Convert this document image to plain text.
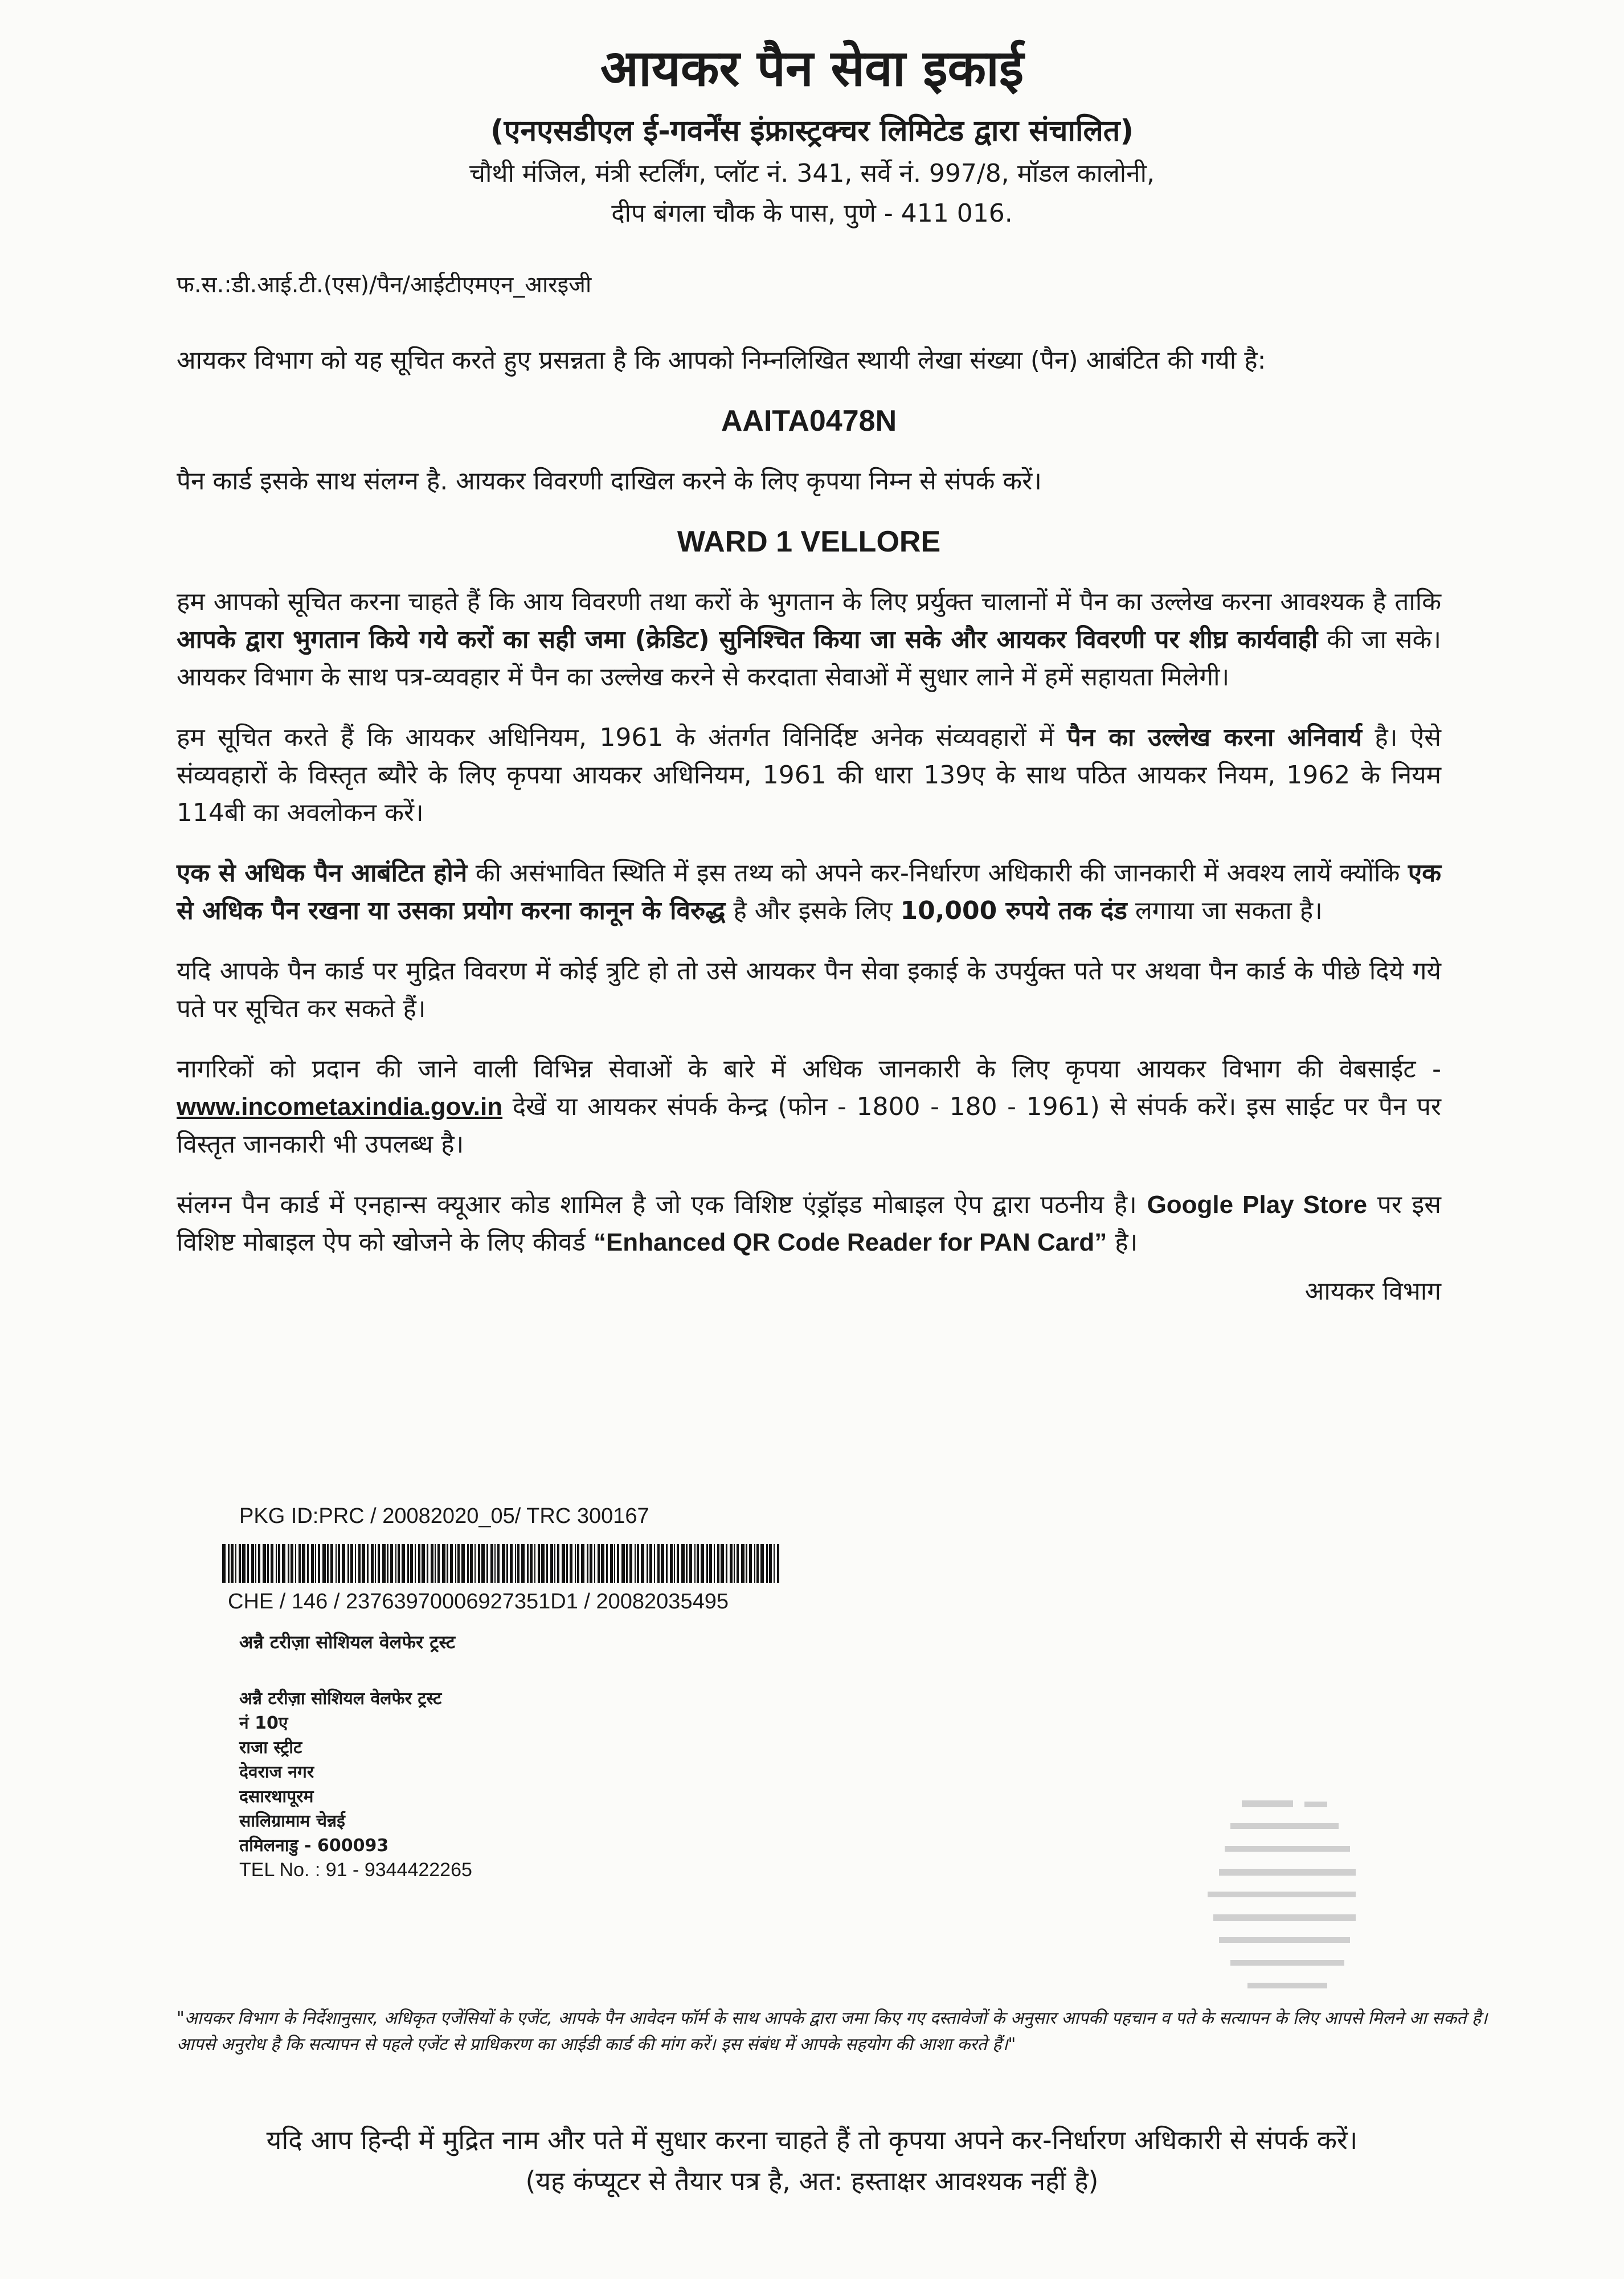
आयकर पैन सेवा इकाई
(एनएसडीएल ई-गवर्नेंस इंफ्रास्ट्रक्चर लिमिटेड द्वारा संचालित)
चौथी मंजिल, मंत्री स्टर्लिंग, प्लॉट नं. 341, सर्वे नं. 997/8, मॉडल कालोनी,
दीप बंगला चौक के पास, पुणे - 411 016.
फ.स.:डी.आई.टी.(एस)/पैन/आईटीएमएन_आरइजी

आयकर विभाग को यह सूचित करते हुए प्रसन्नता है कि आपको निम्नलिखित स्थायी लेखा संख्या (पैन) आबंटित की गयी है:

AAITA0478N

पैन कार्ड इसके साथ संलग्न है. आयकर विवरणी दाखिल करने के लिए कृपया निम्न से संपर्क करें।

WARD 1 VELLORE

हम आपको सूचित करना चाहते हैं कि आय विवरणी तथा करों के भुगतान के लिए प्रर्युक्त चालानों में पैन का उल्लेख करना आवश्यक है ताकि आपके द्वारा भुगतान किये गये करों का सही जमा (क्रेडिट) सुनिश्चित किया जा सके और आयकर विवरणी पर शीघ्र कार्यवाही की जा सके। आयकर विभाग के साथ पत्र-व्यवहार में पैन का उल्लेख करने से करदाता सेवाओं में सुधार लाने में हमें सहायता मिलेगी।

हम सूचित करते हैं कि आयकर अधिनियम, 1961 के अंतर्गत विनिर्दिष्ट अनेक संव्यवहारों में पैन का उल्लेख करना अनिवार्य है। ऐसे संव्यवहारों के विस्तृत ब्यौरे के लिए कृपया आयकर अधिनियम, 1961 की धारा 139ए के साथ पठित आयकर नियम, 1962 के नियम 114बी का अवलोकन करें।

एक से अधिक पैन आबंटित होने की असंभावित स्थिति में इस तथ्य को अपने कर-निर्धारण अधिकारी की जानकारी में अवश्य लायें क्योंकि एक से अधिक पैन रखना या उसका प्रयोग करना कानून के विरुद्ध है और इसके लिए 10,000 रुपये तक दंड लगाया जा सकता है।

यदि आपके पैन कार्ड पर मुद्रित विवरण में कोई त्रुटि हो तो उसे आयकर पैन सेवा इकाई के उपर्युक्त पते पर अथवा पैन कार्ड के पीछे दिये गये पते पर सूचित कर सकते हैं।

नागरिकों को प्रदान की जाने वाली विभिन्न सेवाओं के बारे में अधिक जानकारी के लिए कृपया आयकर विभाग की वेबसाईट - www.incometaxindia.gov.in देखें या आयकर संपर्क केन्द्र (फोन - 1800 - 180 - 1961) से संपर्क करें। इस साईट पर पैन पर विस्तृत जानकारी भी उपलब्ध है।

संलग्न पैन कार्ड में एनहान्स क्यूआर कोड शामिल है जो एक विशिष्ट एंड्रॉइड मोबाइल ऐप द्वारा पठनीय है। Google Play Store पर इस विशिष्ट मोबाइल ऐप को खोजने के लिए कीवर्ड “Enhanced QR Code Reader for PAN Card” है।

आयकर विभाग

PKG ID:PRC / 20082020_05/ TRC 300167
CHE / 146 / 23763970006927351D1 / 20082035495
अन्नै टरीज़ा सोशियल वेलफेर ट्रस्ट
अन्नै टरीज़ा सोशियल वेलफेर ट्रस्ट
नं 10ए
राजा स्ट्रीट
देवराज नगर
दसारथापूरम
सालिग्रामाम चेन्नई
तमिलनाडु - 600093
TEL No. : 91 - 9344422265
"आयकर विभाग के निर्देशानुसार, अधिकृत एजेंसियों के एजेंट, आपके पैन आवेदन फॉर्म के साथ आपके द्वारा जमा किए गए दस्तावेजों के अनुसार आपकी पहचान व पते के सत्यापन के लिए आपसे मिलने आ सकते है। आपसे अनुरोध है कि सत्यापन से पहले एजेंट से प्राधिकरण का आईडी कार्ड की मांग करें। इस संबंध में आपके सहयोग की आशा करते हैं।"
यदि आप हिन्दी में मुद्रित नाम और पते में सुधार करना चाहते हैं तो कृपया अपने कर-निर्धारण अधिकारी से संपर्क करें।
(यह कंप्यूटर से तैयार पत्र है, अत: हस्ताक्षर आवश्यक नहीं है)
